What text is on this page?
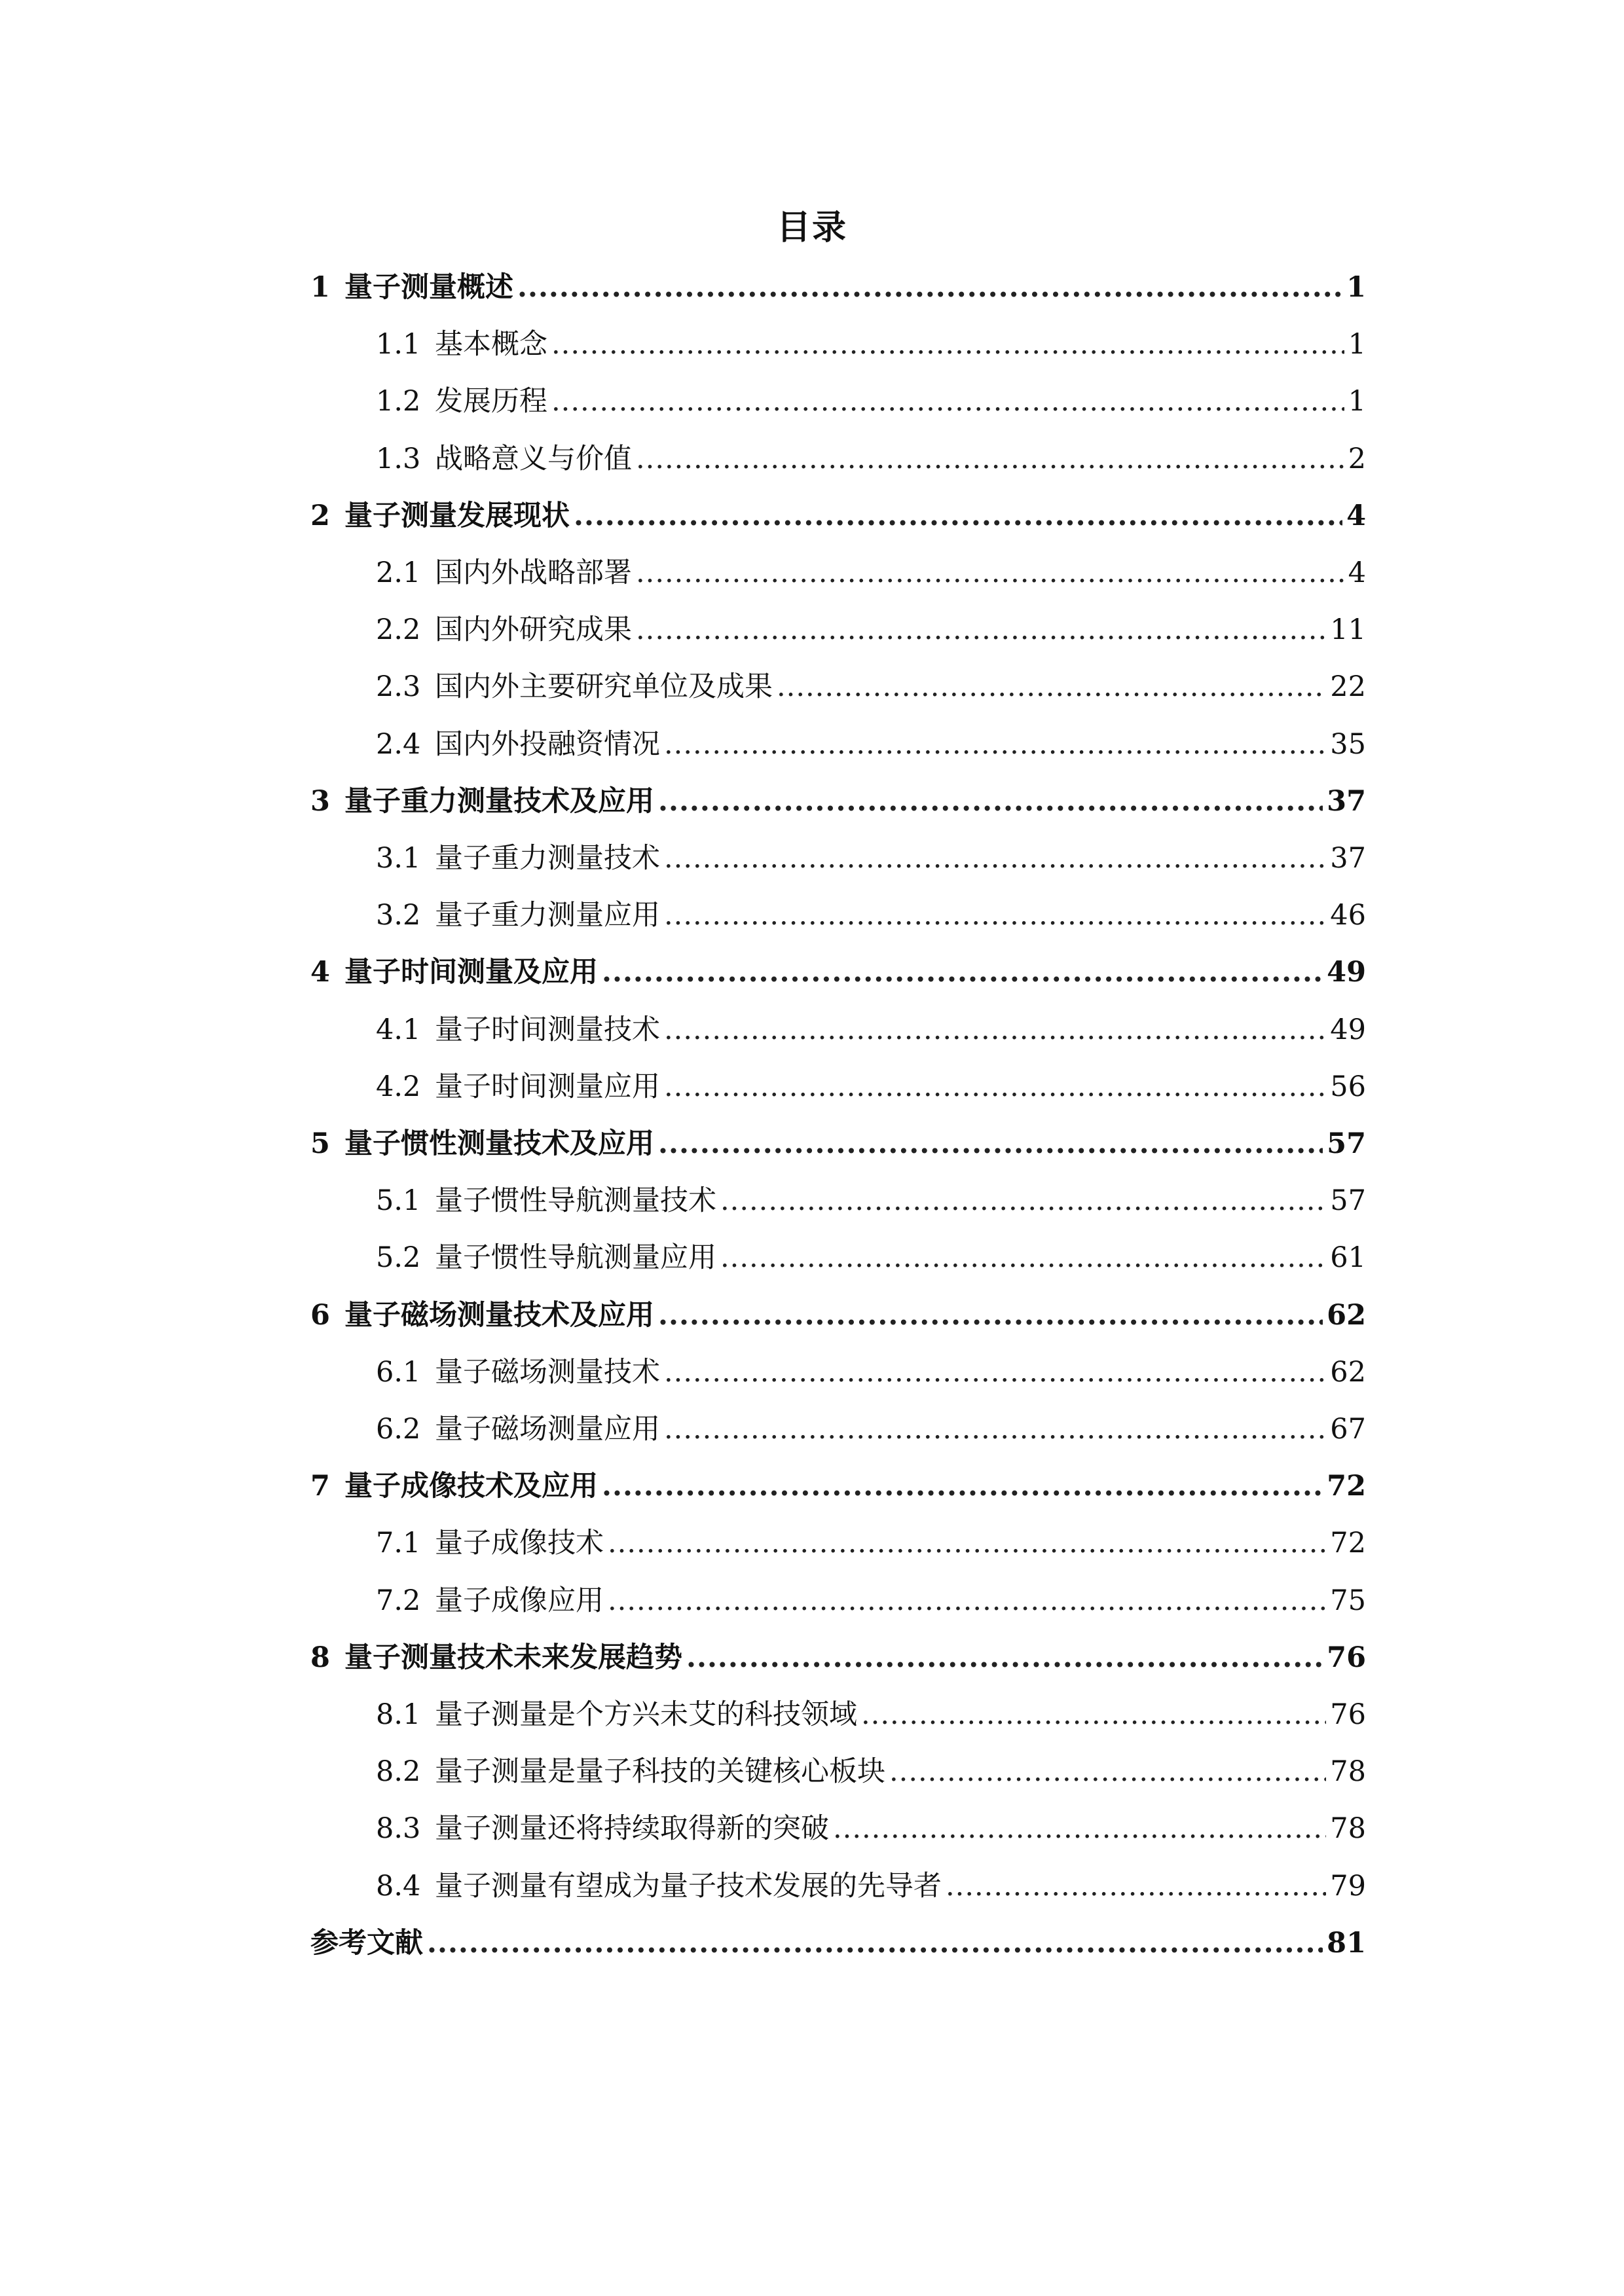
目录
1 量子测量概述 .....	1
1.1 基本概念 .....	1
1.2 发展历程 .....	1
1.3 战略意义与价值 .....	2
2 量子测量发展现状 .....	4
2.1 国内外战略部署 .....	4
2.2 国内外研究成果 .....	11
2.3 国内外主要研究单位及成果 .....	22
2.4 国内外投融资情况 .....	35
3 量子重力测量技术及应用 .....	37
3.1 量子重力测量技术 .....	37
3.2 量子重力测量应用 .....	46
4 量子时间测量及应用 .....	49
4.1 量子时间测量技术 .....	49
4.2 量子时间测量应用 .....	56
5 量子惯性测量技术及应用 .....	57
5.1 量子惯性导航测量技术 .....	57
5.2 量子惯性导航测量应用 .....	61
6 量子磁场测量技术及应用 .....	62
6.1 量子磁场测量技术 .....	62
6.2 量子磁场测量应用 .....	67
7 量子成像技术及应用 .....	72
7.1 量子成像技术 .....	72
7.2 量子成像应用 .....	75
8 量子测量技术未来发展趋势 .....	76
8.1 量子测量是个方兴未艾的科技领域 .....	76
8.2 量子测量是量子科技的关键核心板块 .....	78
8.3 量子测量还将持续取得新的突破 .....	78
8.4 量子测量有望成为量子技术发展的先导者 .....	79
参考文献 .....	81
